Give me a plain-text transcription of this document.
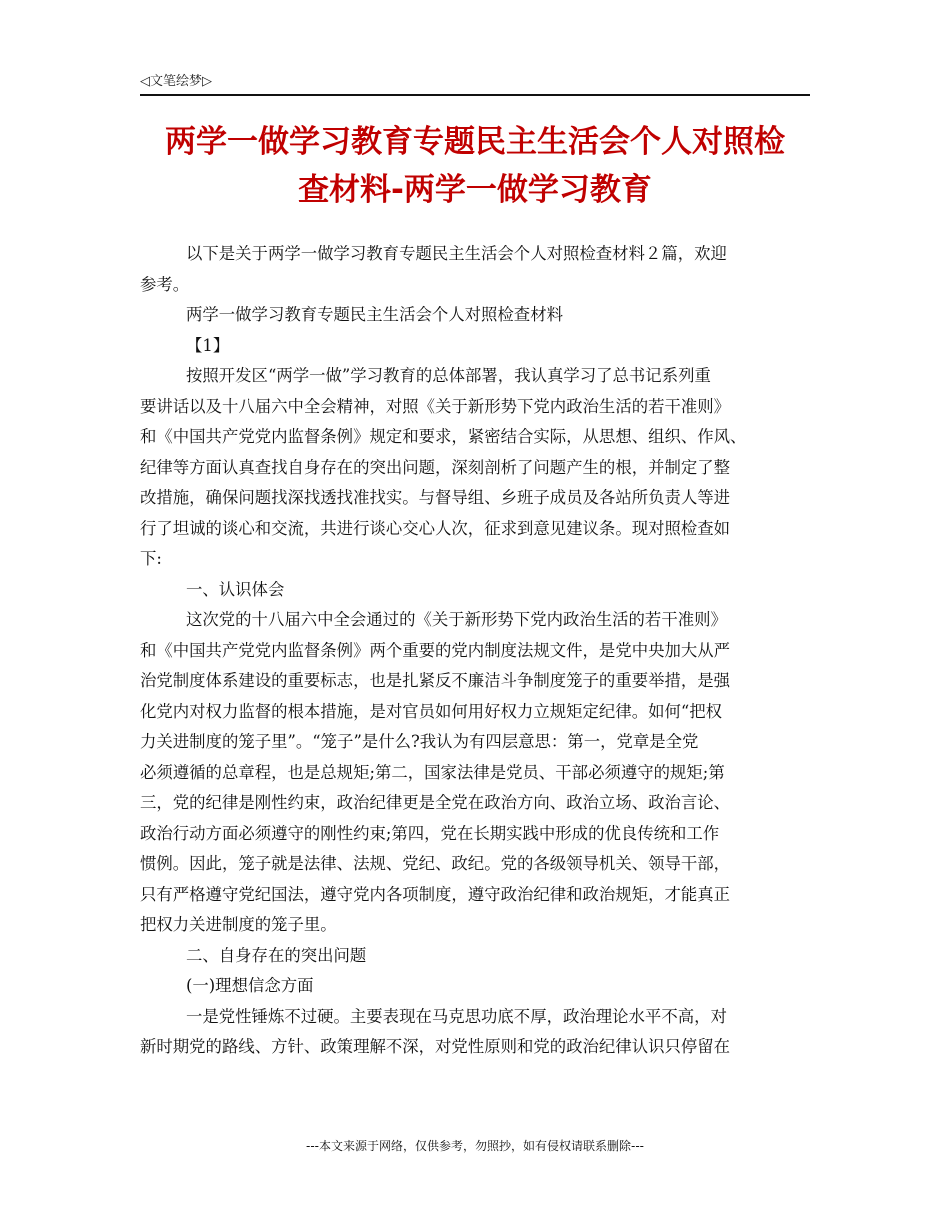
◁文笔绘梦▷
两学一做学习教育专题民主生活会个人对照检
查材料-两学一做学习教育
以下是关于两学一做学习教育专题民主生活会个人对照检查材料２篇，欢迎
参考。
两学一做学习教育专题民主生活会个人对照检查材料
【1】
按照开发区“两学一做”学习教育的总体部署，我认真学习了总书记系列重
要讲话以及十八届六中全会精神，对照《关于新形势下党内政治生活的若干准则》
和《中国共产党党内监督条例》规定和要求，紧密结合实际，从思想、组织、作风、
纪律等方面认真查找自身存在的突出问题，深刻剖析了问题产生的根，并制定了整
改措施，确保问题找深找透找准找实。与督导组、乡班子成员及各站所负责人等进
行了坦诚的谈心和交流，共进行谈心交心人次，征求到意见建议条。现对照检查如
下:
一、认识体会
这次党的十八届六中全会通过的《关于新形势下党内政治生活的若干准则》
和《中国共产党党内监督条例》两个重要的党内制度法规文件，是党中央加大从严
治党制度体系建设的重要标志，也是扎紧反不廉洁斗争制度笼子的重要举措，是强
化党内对权力监督的根本措施，是对官员如何用好权力立规矩定纪律。如何“把权
力关进制度的笼子里”。“笼子”是什么?我认为有四层意思：第一，党章是全党
必须遵循的总章程，也是总规矩;第二，国家法律是党员、干部必须遵守的规矩;第
三，党的纪律是刚性约束，政治纪律更是全党在政治方向、政治立场、政治言论、
政治行动方面必须遵守的刚性约束;第四，党在长期实践中形成的优良传统和工作
惯例。因此，笼子就是法律、法规、党纪、政纪。党的各级领导机关、领导干部，
只有严格遵守党纪国法，遵守党内各项制度，遵守政治纪律和政治规矩，才能真正
把权力关进制度的笼子里。
二、自身存在的突出问题
(一)理想信念方面
一是党性锤炼不过硬。主要表现在马克思功底不厚，政治理论水平不高，对
新时期党的路线、方针、政策理解不深，对党性原则和党的政治纪律认识只停留在
---本文来源于网络，仅供参考，勿照抄，如有侵权请联系删除---
